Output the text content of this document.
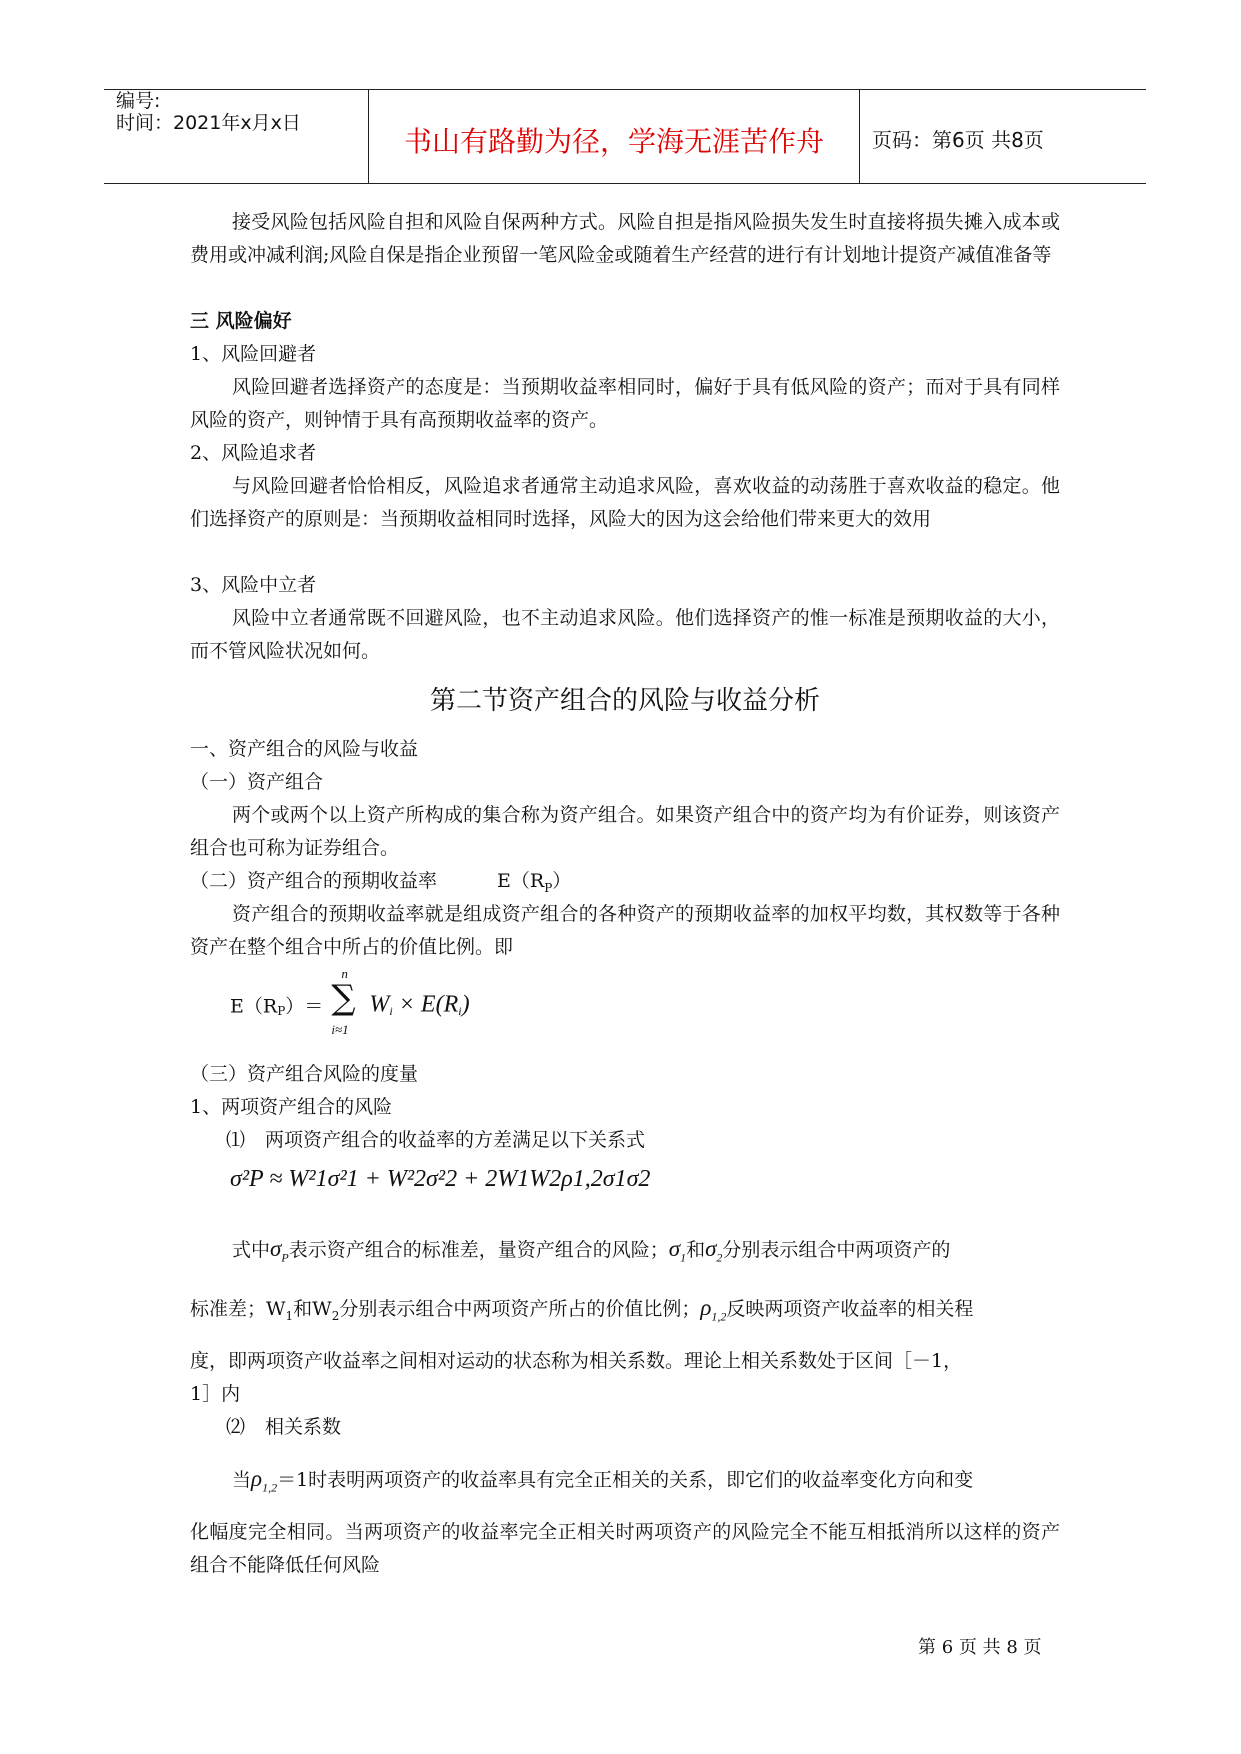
编号:
时间：2021年x月x日
书山有路勤为径，学海无涯苦作舟	页码：第6页 共8页
接受风险包括风险自担和风险自保两种方式。风险自担是指风险损失发生时直接将损失摊入成本或费用或冲减利润;风险自保是指企业预留一笔风险金或随着生产经营的进行有计划地计提资产减值准备等
三 风险偏好
1、风险回避者
风险回避者选择资产的态度是：当预期收益率相同时，偏好于具有低风险的资产；而对于具有同样风险的资产，则钟情于具有高预期收益率的资产。
2、风险追求者
与风险回避者恰恰相反，风险追求者通常主动追求风险，喜欢收益的动荡胜于喜欢收益的稳定。他们选择资产的原则是：当预期收益相同时选择，风险大的因为这会给他们带来更大的效用
3、风险中立者
风险中立者通常既不回避风险，也不主动追求风险。他们选择资产的惟一标准是预期收益的大小，而不管风险状况如何。
第二节资产组合的风险与收益分析
一、资产组合的风险与收益
（一）资产组合
两个或两个以上资产所构成的集合称为资产组合。如果资产组合中的资产均为有价证券，则该资产组合也可称为证券组合。
（二）资产组合的预期收益率	$E(R_P)$
资产组合的预期收益率就是组成资产组合的各种资产的预期收益率的加权平均数，其权数等于各种资产在整个组合中所占的价值比例。即
$E(R_P)=$
n
∑
i≈1
$W_i \times E(R_i)$
（三）资产组合风险的度量
1、两项资产组合的风险
⑴ 两项资产组合的收益率的方差满足以下关系式
σ²P ≈ W²1σ²1 + W²2σ²2 + 2W1W2ρ1,2σ1σ2
式中$\sigma_P$表示资产组合的标准差，量资产组合的风险；$\sigma_1$和$\sigma_2$分别表示组合中两项资产的
标准差；$W_1$和$W_2$分别表示组合中两项资产所占的价值比例；$\rho_{1,2}$反映两项资产收益率的相关程
度，即两项资产收益率之间相对运动的状态称为相关系数。理论上相关系数处于区间［－1，
1］内
⑵ 相关系数
当$\rho_{1,2}=1$时表明两项资产的收益率具有完全正相关的关系，即它们的收益率变化方向和变
化幅度完全相同。当两项资产的收益率完全正相关时两项资产的风险完全不能互相抵消所以这样的资产组合不能降低任何风险
第 6 页 共 8 页
